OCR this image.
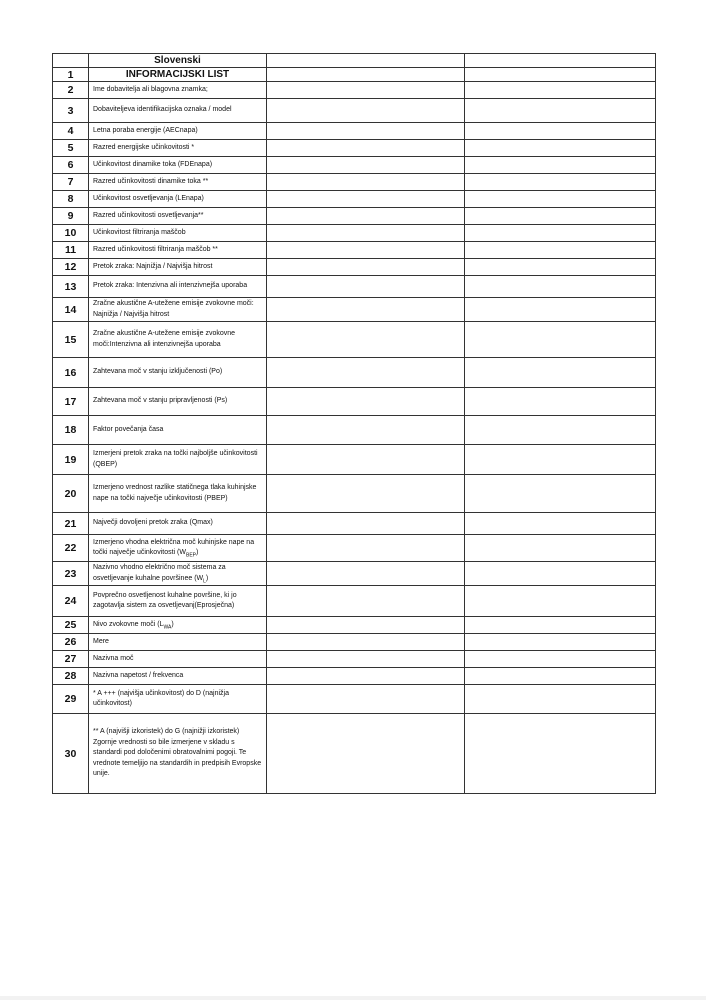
	Slovenski		
1	INFORMACIJSKI LIST		
2	Ime dobavitelja ali blagovna znamka;		
3	Dobaviteljeva identifikacijska oznaka / model		
4	Letna poraba energije (AECnapa)		
5	Razred energijske učinkovitosti *		
6	Učinkovitost dinamike toka (FDEnapa)		
7	Razred učinkovitosti dinamike toka **		
8	Učinkovitost osvetljevanja (LEnapa)		
9	Razred učinkovitosti osvetljevanja**		
10	Učinkovitost filtriranja maščob		
11	Razred učinkovitosti filtriranja maščob **		
12	Pretok zraka: Najnižja / Najvišja hitrost		
13	Pretok zraka: Intenzivna ali intenzivnejša uporaba		
14	Zračne akustične A-utežene emisije zvokovne moči: Najnižja / Najvišja hitrost		
15	Zračne akustične A-utežene emisije zvokovne moči:Intenzivna ali intenzivnejša uporaba		
16	Zahtevana moč v stanju izključenosti (Po)		
17	Zahtevana moč v stanju pripravljenosti (Ps)		
18	Faktor povečanja časa		
19	Izmerjeni pretok zraka na točki najboljše učinkovitosti (QBEP)		
20	Izmerjeno vrednost razlike statičnega tlaka kuhinjske nape na točki največje učinkovitosti (PBEP)		
21	Največji dovoljeni pretok zraka (Qmax)		
22	Izmerjeno vhodna električna moč kuhinjske nape na točki največje učinkovitosti $(W_{BEP})$		
23	Nazivno vhodno električno moč sistema za osvetljevanje kuhalne površinee $(W_L)$		
24	Povprečno osvetljenost kuhalne površine, ki jo zagotavlja sistem za osvetljevanj(Eprosječna)		
25	Nivo zvokovne moči $(L_{WA})$		
26	Mere		
27	Nazivna moč		
28	Nazivna napetost / frekvenca		
29	* A +++ (najvišja učinkovitost) do D (najnižja učinkovitost)		
30	** A (najvišji izkoristek) do G (najnižji izkoristek) Zgornje vrednosti so bile izmerjene v skladu s standardi pod določenimi obratovalnimi pogoji. Te vrednote temeljijo na standardih in predpisih Evropske unije.		
